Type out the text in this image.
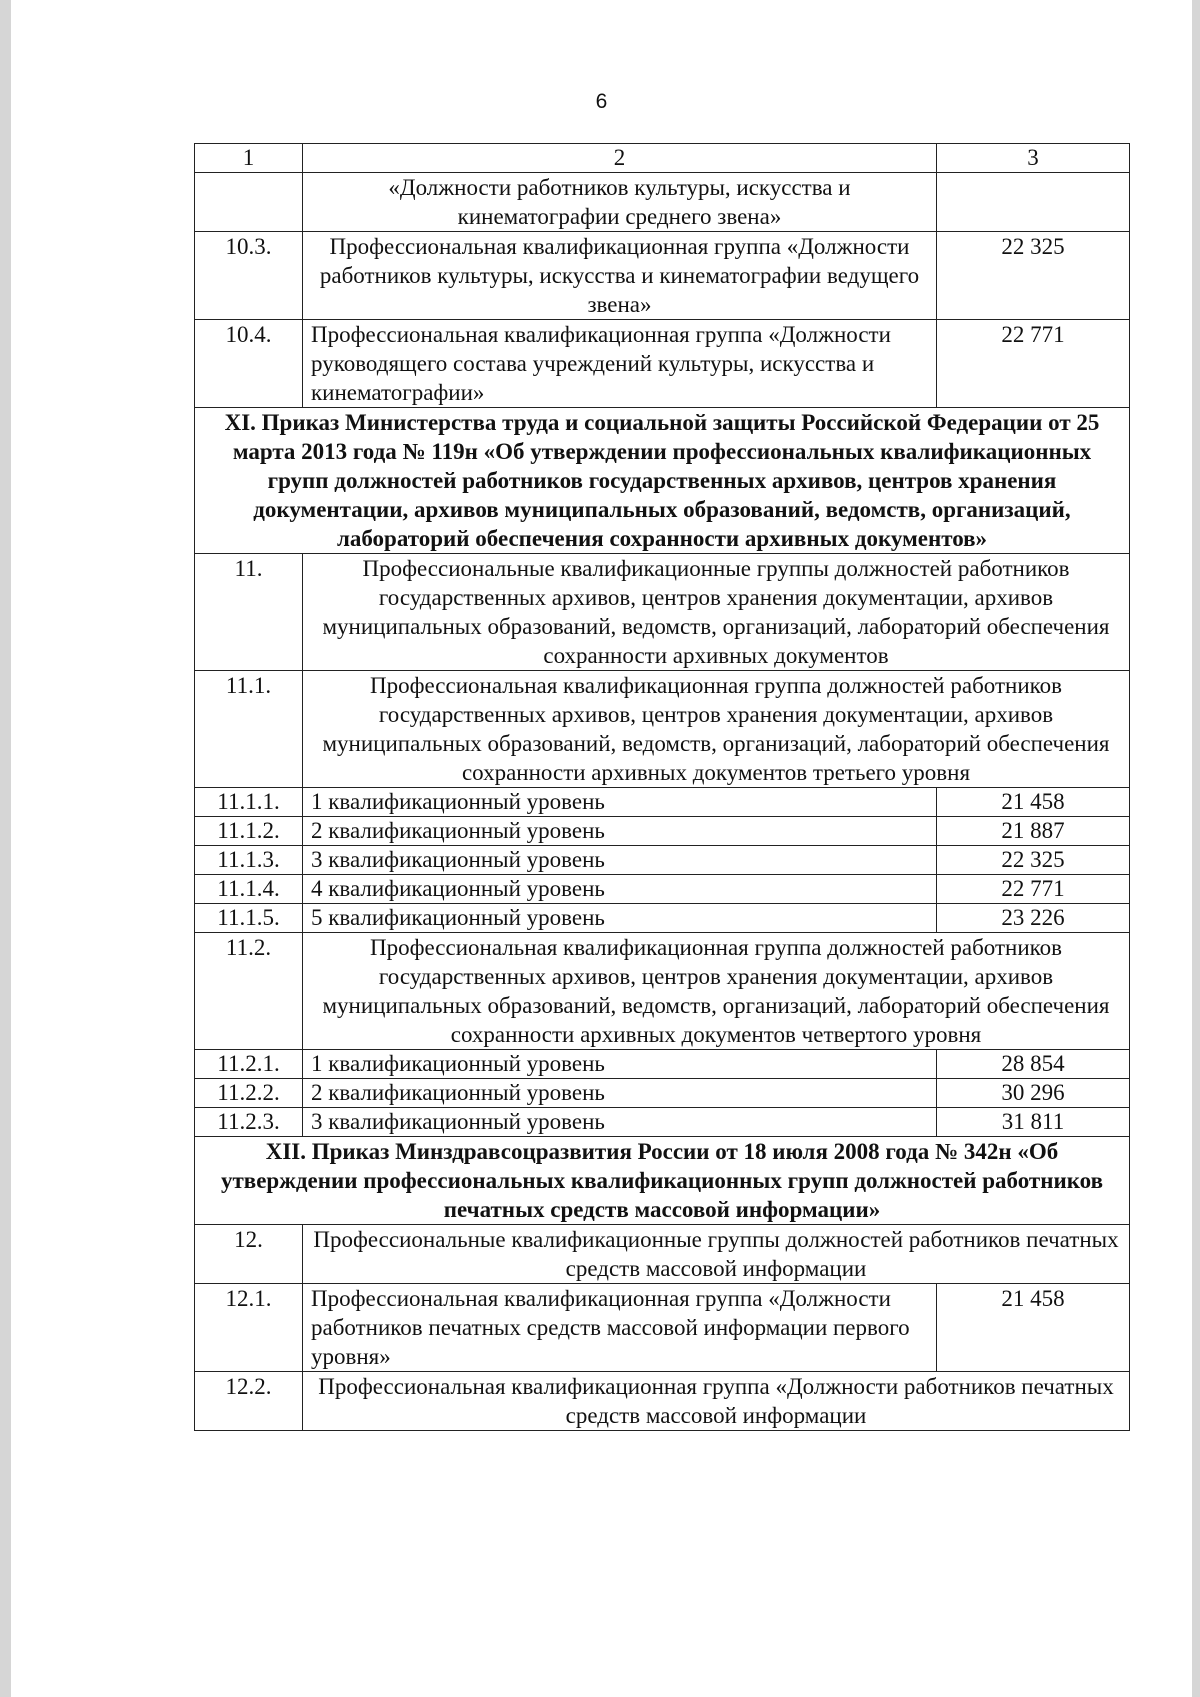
6
1	2	3
	«Должности работников культуры, искусства и кинематографии среднего звена»	
10.3.	Профессиональная квалификационная группа «Должности работников культуры, искусства и кинематографии ведущего звена»	22 325
10.4.	Профессиональная квалификационная группа «Должности руководящего состава учреждений культуры, искусства и кинематографии»	22 771
XI. Приказ Министерства труда и социальной защиты Российской Федерации от 25 марта 2013 года № 119н «Об утверждении профессиональных квалификационных групп должностей работников государственных архивов, центров хранения документации, архивов муниципальных образований, ведомств, организаций, лабораторий обеспечения сохранности архивных документов»		
11.	Профессиональные квалификационные группы должностей работников государственных архивов, центров хранения документации, архивов муниципальных образований, ведомств, организаций, лабораторий обеспечения сохранности архивных документов	
11.1.	Профессиональная квалификационная группа должностей работников государственных архивов, центров хранения документации, архивов муниципальных образований, ведомств, организаций, лабораторий обеспечения сохранности архивных документов третьего уровня	
11.1.1.	1 квалификационный уровень	21 458
11.1.2.	2 квалификационный уровень	21 887
11.1.3.	3 квалификационный уровень	22 325
11.1.4.	4 квалификационный уровень	22 771
11.1.5.	5 квалификационный уровень	23 226
11.2.	Профессиональная квалификационная группа должностей работников государственных архивов, центров хранения документации, архивов муниципальных образований, ведомств, организаций, лабораторий обеспечения сохранности архивных документов четвертого уровня	
11.2.1.	1 квалификационный уровень	28 854
11.2.2.	2 квалификационный уровень	30 296
11.2.3.	3 квалификационный уровень	31 811
XII. Приказ Минздравсоцразвития России от 18 июля 2008 года № 342н «Об утверждении профессиональных квалификационных групп должностей работников печатных средств массовой информации»		
12.	Профессиональные квалификационные группы должностей работников печатных средств массовой информации	
12.1.	Профессиональная квалификационная группа «Должности работников печатных средств массовой информации первого уровня»	21 458
12.2.	Профессиональная квалификационная группа «Должности работников печатных средств массовой информации	
